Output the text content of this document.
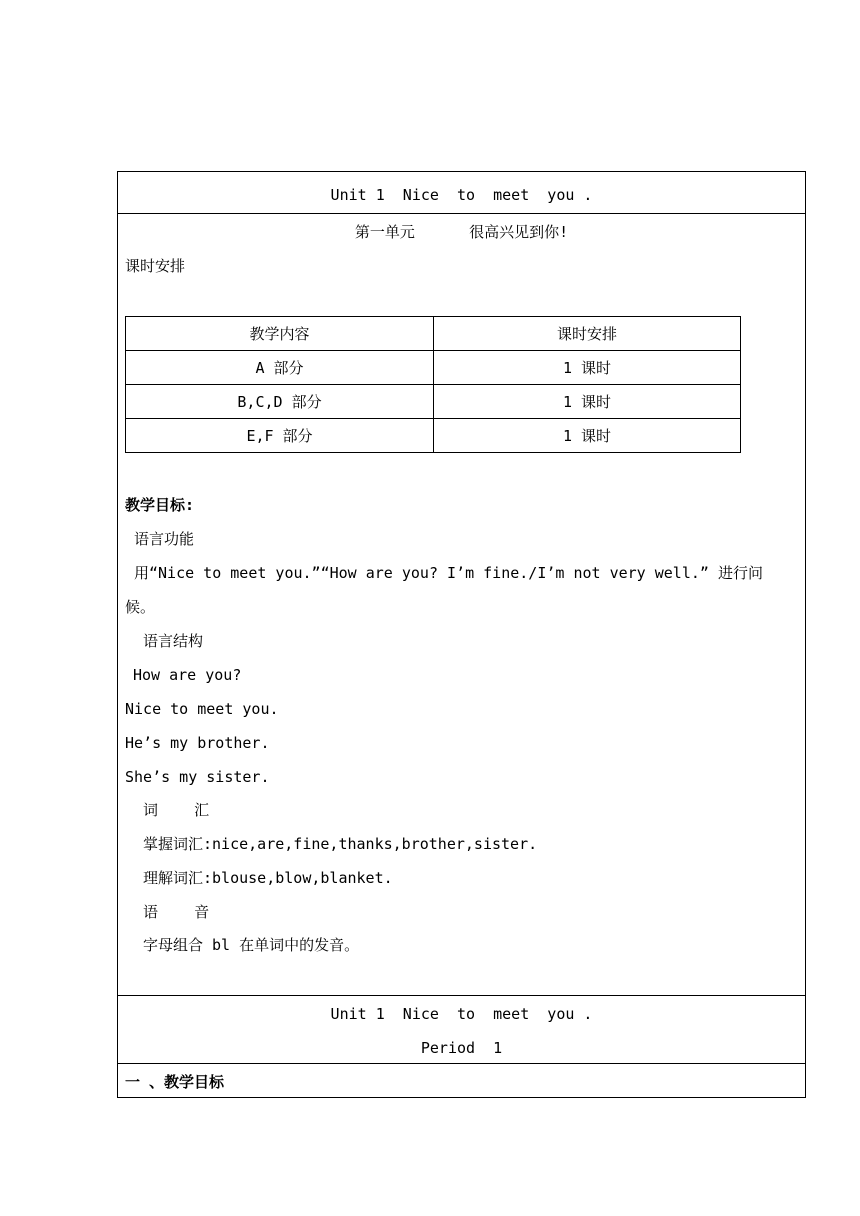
Unit 1  Nice  to  meet  you .
第一单元      很高兴见到你!
课时安排
教学内容	课时安排
A 部分	1 课时
B,C,D 部分	1 课时
E,F 部分	1 课时
教学目标:
语言功能
用“Nice to meet you.”“How are you? I’m fine./I’m not very well.” 进行问
候。
语言结构
How are you?
Nice to meet you.
He’s my brother.
She’s my sister.
词    汇
掌握词汇:nice,are,fine,thanks,brother,sister.
理解词汇:blouse,blow,blanket.
语    音
字母组合 bl 在单词中的发音。
Unit 1  Nice  to  meet  you .
Period  1
一 、教学目标
